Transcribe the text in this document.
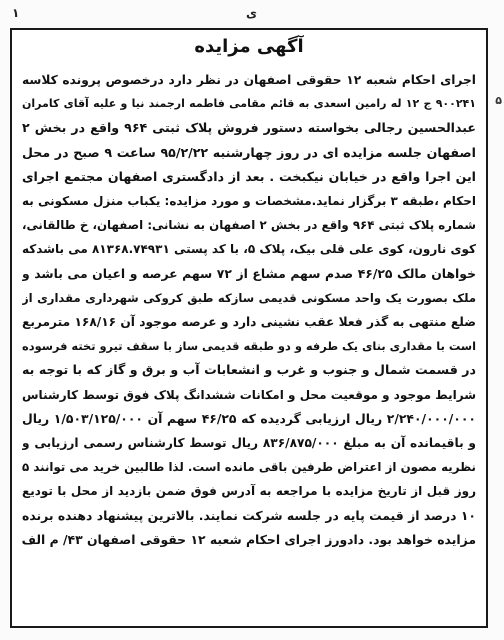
۱	ی
آگهی مزایده
اجرای احکام شعبه ۱۲ حقوقی اصفهان در نظر دارد درخصوص پرونده کلاسه
۹۰۰۲۴۱ ج ۱۲ له رامین اسعدی به قائم مقامی فاطمه ارجمند نیا و علیه آقای کامران
عبدالحسین رجالی بخواسته دستور فروش پلاک ثبتی ۹۶۴ واقع در بخش ۲
اصفهان جلسه مزایده ای در روز چهارشنبه ۹۵/۲/۲۲ ساعت ۹ صبح در محل
این اجرا واقع در خیابان نیکبخت . بعد از دادگستری اصفهان مجتمع اجرای
احکام ،طبقه ۳ برگزار نماید.مشخصات و مورد مزایده: یکباب منزل مسکونی به
شماره پلاک ثبتی ۹۶۴ واقع در بخش ۲ اصفهان به نشانی: اصفهان، خ طالقانی،
کوی نارون، کوی علی قلی بیک، پلاک ۵، با کد پستی ۸۱۳۶۸.۷۴۹۳۱ می باشدکه
خواهان مالک ۴۶/۲۵ صدم سهم مشاع از ۷۲ سهم عرصه و اعیان می باشد و
ملک بصورت یک واحد مسکونی قدیمی سازکه طبق کروکی شهرداری مقداری از
ضلع منتهی به گذر فعلا عقب نشینی دارد و عرصه موجود آن ۱۶۸/۱۶ مترمربع
است با مقداری بنای یک طرفه و دو طبقه قدیمی ساز با سقف تیرو تخته فرسوده
در قسمت شمال و جنوب و غرب و انشعابات آب و برق و گاز که با توجه به
شرایط موجود و موقعیت محل و امکانات ششدانگ پلاک فوق توسط کارشناس
۲/۲۴۰/۰۰۰/۰۰۰ ریال ارزیابی گردیده که ۴۶/۲۵ سهم آن ۱/۵۰۳/۱۲۵/۰۰۰ ریال
و باقیمانده آن به مبلغ ۸۳۶/۸۷۵/۰۰۰ ریال توسط کارشناس رسمی ارزیابی و
نظریه مصون از اعتراض طرفین باقی مانده است. لذا طالبین خرید می توانند ۵
روز قبل از تاریخ مزایده با مراجعه به آدرس فوق ضمن بازدید از محل با تودیع
۱۰ درصد از قیمت پایه در جلسه شرکت نمایند. بالاترین پیشنهاد دهنده برنده
مزایده خواهد بود. دادورز اجرای احکام شعبه ۱۲ حقوقی اصفهان ۴۳/ م الف
۵
